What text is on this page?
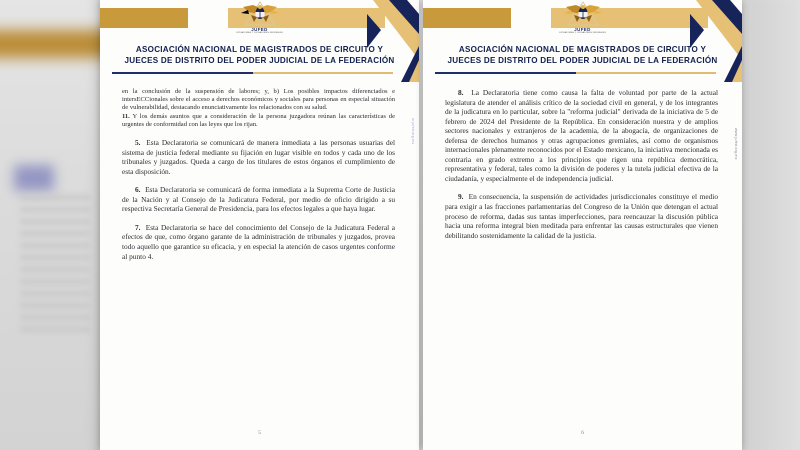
JUFED
JUZGADORAS Y JUZGADORES FEDERALES
ASOCIACIÓN NACIONAL DE MAGISTRADOS DE CIRCUITO Y
JUECES DE DISTRITO DEL PODER JUDICIAL DE LA FEDERACIÓN

en la conclusión de la suspensión de labores; y, b) Los posibles impactos diferenciados e intersECCionales sobre el acceso a derechos económicos y sociales para personas en especial situación de vulnerabilidad, destacando enunciativamente los relacionados con su salud.

11. Y los demás asuntos que a consideración de la persona juzgadora reúnan las características de urgentes de conformidad con las leyes que los rijan.

5. Esta Declaratoria se comunicará de manera inmediata a las personas usuarias del sistema de justicia federal mediante su fijación en lugar visible en todos y cada uno de los tribunales y juzgados. Queda a cargo de los titulares de estos órganos el cumplimiento de esta disposición.

6. Esta Declaratoria se comunicará de forma inmediata a la Suprema Corte de Justicia de la Nación y al Consejo de la Judicatura Federal, por medio de oficio dirigido a su respectiva Secretaría General de Presidencia, para los efectos legales a que haya lugar.

7. Esta Declaratoria se hace del conocimiento del Consejo de la Judicatura Federal a efectos de que, como órgano garante de la administración de tribunales y juzgados, provea todo aquello que garantice su eficacia, y en especial la atención de casos urgentes conforme al punto 4.

w-jufed.org.mx
5
JUFED
JUZGADORAS Y JUZGADORES FEDERALES
ASOCIACIÓN NACIONAL DE MAGISTRADOS DE CIRCUITO Y
JUECES DE DISTRITO DEL PODER JUDICIAL DE LA FEDERACIÓN

8. La Declaratoria tiene como causa la falta de voluntad por parte de la actual legislatura de atender el análisis crítico de la sociedad civil en general, y de los integrantes de la judicatura en lo particular, sobre la "reforma judicial" derivada de la iniciativa de 5 de febrero de 2024 del Presidente de la República. En consideración nuestra y de amplios sectores nacionales y extranjeros de la academia, de la abogacía, de organizaciones de defensa de derechos humanos y otras agrupaciones gremiales, así como de organismos internacionales plenamente reconocidos por el Estado mexicano, la iniciativa mencionada es contraria en grado extremo a los principios que rigen una república democrática, representativa y federal, tales como la división de poderes y la tutela judicial efectiva de la ciudadanía, y especialmente el de independencia judicial.

9. En consecuencia, la suspensión de actividades jurisdiccionales constituye el medio para exigir a las fracciones parlamentarias del Congreso de la Unión que detengan el actual proceso de reforma, dadas sus tantas imperfecciones, para reencauzar la discusión pública hacia una reforma integral bien meditada para enfrentar las causas estructurales que vienen debilitando sostenidamente la calidad de la justicia.

www.jufed.org.mx
6
